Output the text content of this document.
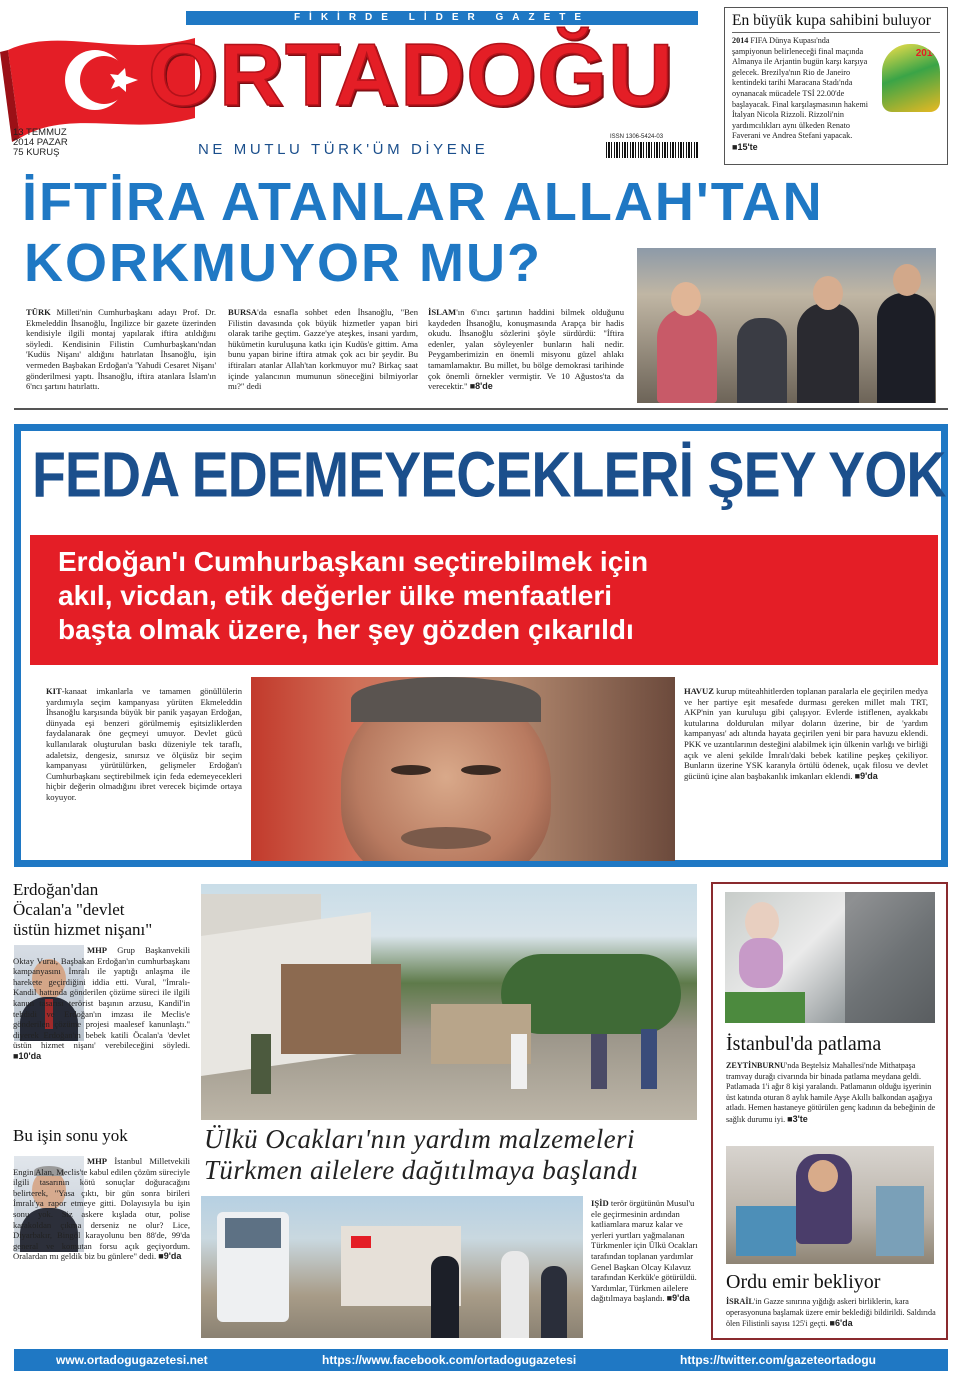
FİKİRDE LİDER GAZETE
ORTADOĞU
13 TEMMUZ
2014 PAZAR
75 KURUŞ	NE MUTLU TÜRK'ÜM DİYENE
ISSN 1306-5424-03
En büyük kupa sahibini buluyor
2014
2014 FIFA Dünya Kupası'nda şampiyonun belirleneceği final maçında Almanya ile Arjantin bugün karşı karşıya gelecek. Brezilya'nın Rio de Janeiro kentindeki tarihi Maracana Stadı'nda oynanacak mücadele TSİ 22.00'de başlayacak. Final karşılaşmasının hakemi İtalyan Nicola Rizzoli. Rizzoli'nin yardımcılıkları aynı ülkeden Renato Faverani ve Andrea Stefani yapacak. ■ 15'te
İFTİRA ATANLAR ALLAH'TAN
KORKMUYOR MU?
TÜRK Milleti'nin Cumhurbaşkanı adayı Prof. Dr. Ekmeleddin İhsanoğlu, İngilizce bir gazete üzerinden kendisiyle ilgili montaj yapılarak iftira atıldığını söyledi. Kendisinin Filistin Cumhurbaşkanı'ndan 'Kudüs Nişanı' aldığını hatırlatan İhsanoğlu, işin vermeden Başbakan Erdoğan'a 'Yahudi Cesaret Nişanı' gönderilmesi yaptı. İhsanoğlu, iftira atanlara İslam'ın 6'ncı şartını hatırlattı.
BURSA'da esnafla sohbet eden İhsanoğlu, "Ben Filistin davasında çok büyük hizmetler yapan biri olarak tarihe geçtim. Gazze'ye ateşkes, insani yardım, hükümetin kuruluşuna katkı için Kudüs'e gittim. Ama bunu yapan birine iftira atmak çok acı bir şeydir. Bu iftiraları atanlar Allah'tan korkmuyor mu? Birkaç saat içinde yalancının mumunun söneceğini bilmiyorlar mı?" dedi
İSLAM'ın 6'ıncı şartının haddini bilmek olduğunu kaydeden İhsanoğlu, konuşmasında Arapça bir hadis okudu. İhsanoğlu sözlerini şöyle sürdürdü: "İftira edenler, yalan söyleyenler bunların hali nedir. Peygamberimizin en önemli misyonu güzel ahlakı tamamlamaktır. Bu millet, bu bölge demokrasi tarihinde çok önemli örnekler vermiştir. Ve 10 Ağustos'ta da verecektir." ■ 8'de
FEDA EDEMEYECEKLERİ ŞEY YOK
Erdoğan'ı Cumhurbaşkanı seçtirebilmek için
akıl, vicdan, etik değerler ülke menfaatleri
başta olmak üzere, her şey gözden çıkarıldı
KIT-kanaat imkanlarla ve tamamen gönüllülerin yardımıyla seçim kampanyası yürüten Ekmeleddin İhsanoğlu karşısında büyük bir panik yaşayan Erdoğan, dünyada eşi benzeri görülmemiş eşitsizliklerden faydalanarak öne geçmeyi umuyor. Devlet gücü kullanılarak oluşturulan baskı düzeniyle tek taraflı, adaletsiz, dengesiz, sınırsız ve ölçüsüz bir seçim kampanyası yürütülürken, gelişmeler Erdoğan'ı Cumhurbaşkanı seçtirebilmek için feda edemeyecekleri hiçbir değerin olmadığını ibret verecek biçimde ortaya koyuyor.
HAVUZ kurup müteahhitlerden toplanan paralarla ele geçirilen medya ve her partiye eşit mesafede durması gereken millet malı TRT, AKP'nin yan kuruluşu gibi çalışıyor. Evlerde istiflenen, ayakkabı kutularına doldurulan milyar doların üzerine, bir de 'yardım kampanyası' adı altında hayata geçirilen yeni bir para havuzu eklendi. PKK ve uzantılarının desteğini alabilmek için ülkenin varlığı ve birliği açık ve aleni şekilde İmralı'daki bebek katiline peşkeş çekiliyor. Bunların üzerine YSK karanyla örtülü ödenek, uçak filosu ve devlet gücünü içine alan başbakanlık imkanları eklendi. ■ 9'da
Erdoğan'dan
Öcalan'a "devlet
üstün hizmet nişanı"
MHP Grup Başkanvekili Oktay Vural, Başbakan Erdoğan'ın cumhurbaşkanı kampanyasını İmralı ile yaptığı anlaşma ile harekete geçirdiğini iddia etti. Vural, "İmralı-Kandil hattında gönderilen çözüme süreci ile ilgili kanun tasarısı terörist başının arzusu, Kandil'in tehdidi ve Erdoğan'ın imzası ile Meclis'e gönderilen çözüme projesi maalesef kanunlaştı." diyerek Erdoğan'ın bebek katili Öcalan'a 'devlet üstün hizmet nişanı' verebileceğini söyledi. ■ 10'da
Bu işin sonu yok
MHP İstanbul Milletvekili Engin Alan, Meclis'te kabul edilen çözüm süreciyle ilgili tasarının kötü sonuçlar doğuracağını belirterek, "Yasa çıktı, bir gün sonra birileri İmralı'ya rapor etmeye gitti. Dolayısıyla bu işin sonu yok. Siz askere kışlada otur, polise karakoldan çıkma derseniz ne olur? Lice, Diyarbakır, Bingöl karayolunu ben 88'de, 99'da general ve komutan forsu açık geçiyordum. Oralardan mı geldik biz bu günlere" dedi. ■ 9'da
Ülkü Ocakları'nın yardım malzemeleri
Türkmen ailelere dağıtılmaya başlandı
IŞİD terör örgütünün Musul'u ele geçirmesinin ardından katliamlara maruz kalar ve yerleri yurtları yağmalanan Türkmenler için Ülkü Ocakları tarafından toplanan yardımlar Genel Başkan Olcay Kılavuz tarafından Kerkük'e götürüldü. Yardımlar, Türkmen ailelere dağıtılmaya başlandı. ■ 9'da
İstanbul'da patlama
ZEYTİNBURNU'nda Beştelsiz Mahallesi'nde Mithatpaşa tramvay durağı civarında bir binada patlama meydana geldi. Patlamada 1'i ağır 8 kişi yaralandı. Patlamanın olduğu işyerinin üst katında oturan 8 aylık hamile Ayşe Akıllı balkondan aşağıya atladı. Hemen hastaneye götürülen genç kadının da bebeğinin de sağlık durumu iyi. ■ 3'te
Ordu emir bekliyor
İSRAİL'in Gazze sınırına yığdığı askeri birliklerin, kara operasyonuna başlamak üzere emir beklediği bildirildi. Saldırıda ölen Filistinli sayısı 125'i geçti. ■ 6'da
www.ortadogugazetesi.net	https://www.facebook.com/ortadogugazetesi	https://twitter.com/gazeteortadogu
